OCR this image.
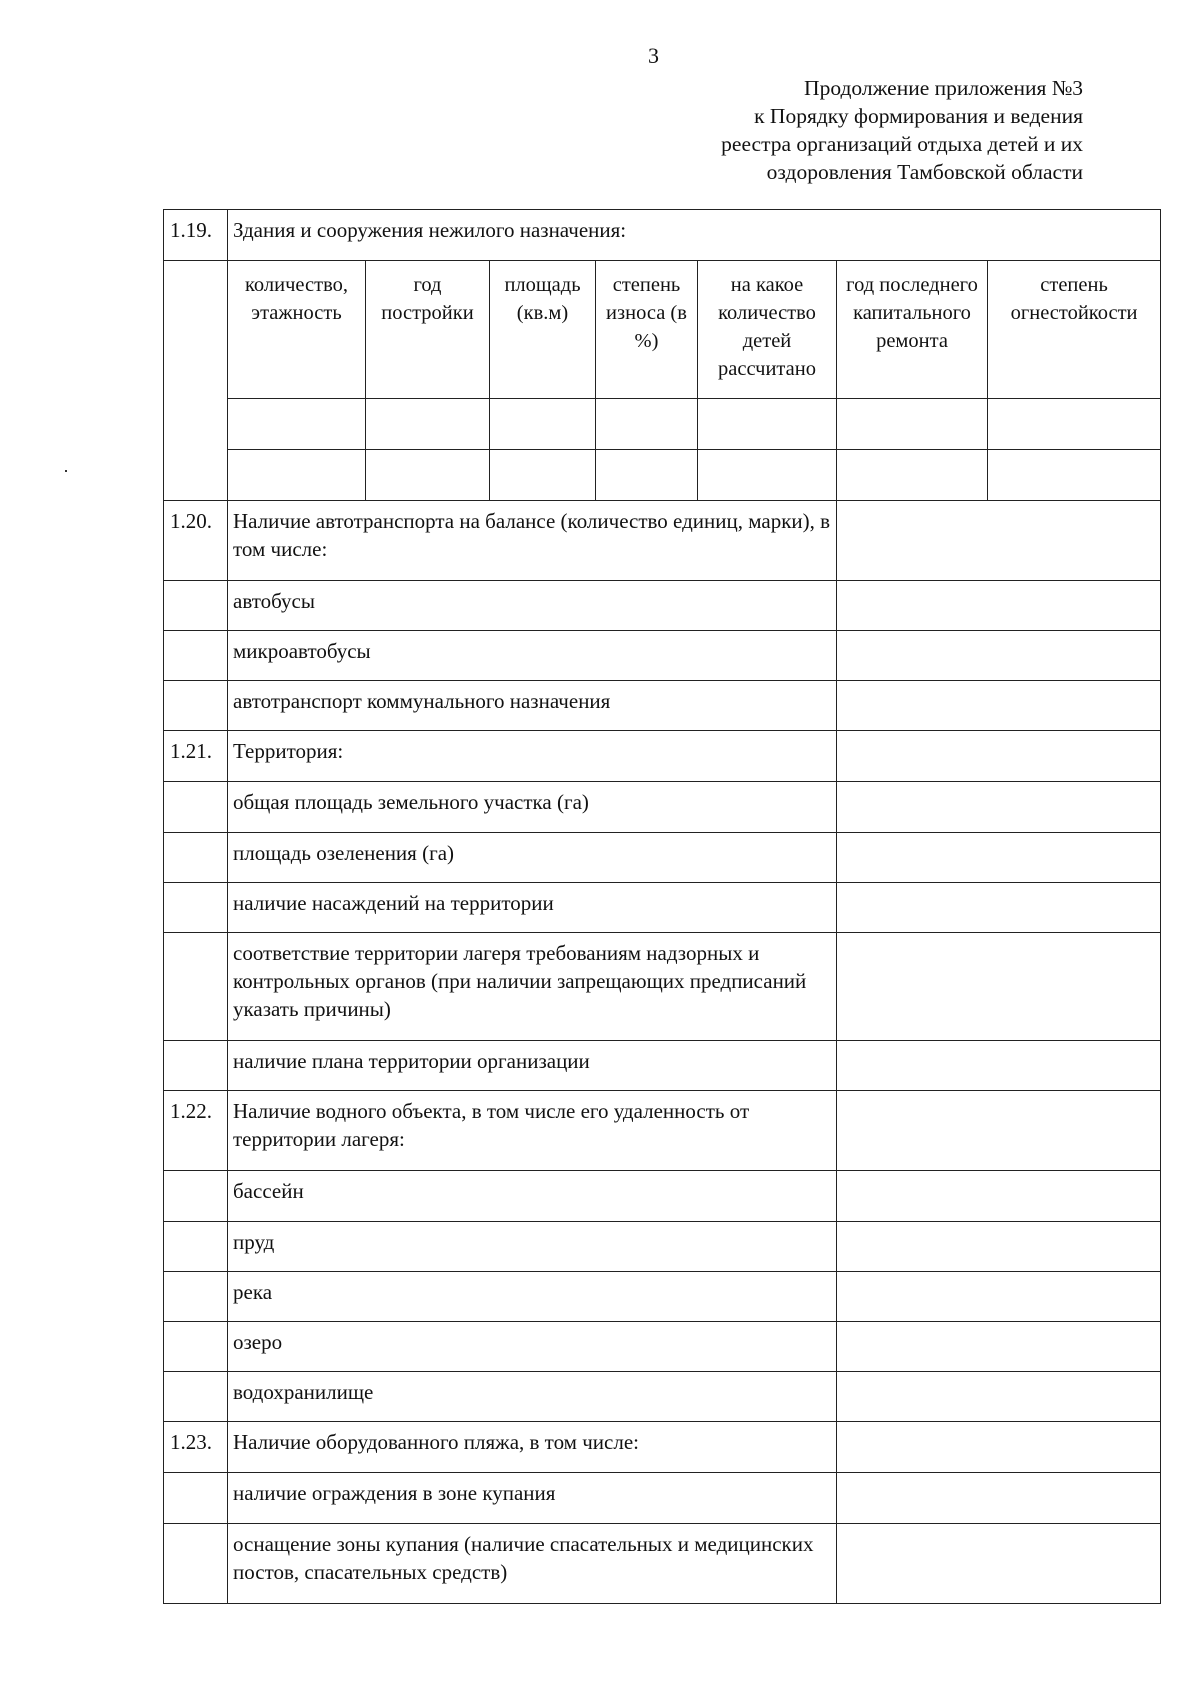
3
Продолжение приложения №3
к Порядку формирования и ведения
реестра организаций отдыха детей и их
оздоровления Тамбовской области
1.19.	Здания и сооружения нежилого назначения:						
	количество, этажность	год постройки	площадь (кв.м)	степень износа (в %)	на какое количество детей рассчитано	год последнего капитального ремонта	степень огнестойкости

1.20.	Наличие автотранспорта на балансе (количество единиц, марки), в том числе:						
	автобусы						
	микроавтобусы						
	автотранспорт коммунального назначения						
1.21.	Территория:						
	общая площадь земельного участка (га)						
	площадь озеленения (га)						
	наличие насаждений на территории						
	соответствие территории лагеря требованиям надзорных и контрольных органов (при наличии запрещающих предписаний указать причины)						
	наличие плана территории организации						
1.22.	Наличие водного объекта, в том числе его удаленность от территории лагеря:						
	бассейн						
	пруд						
	река						
	озеро						
	водохранилище						
1.23.	Наличие оборудованного пляжа, в том числе:						
	наличие ограждения в зоне купания						
	оснащение зоны купания (наличие спасательных и медицинских постов, спасательных средств)						
